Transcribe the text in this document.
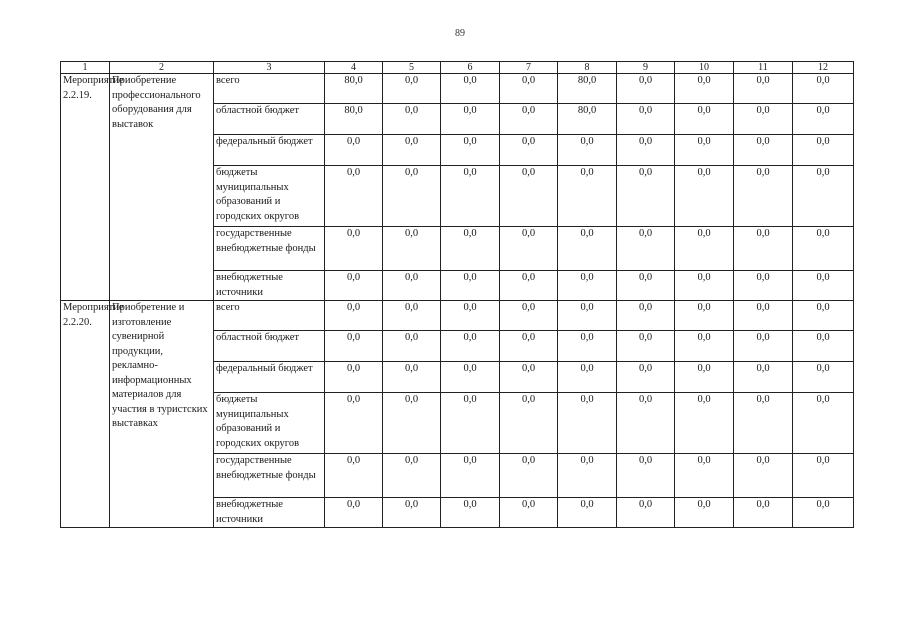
89
1	2	3	4	5	6	7	8	9	10	11	12
Мероприятие 2.2.19.	Приобретение профессионального оборудования для выставок	всего	80,0	0,0	0,0	0,0	80,0	0,0	0,0	0,0	0,0
		областной бюджет	80,0	0,0	0,0	0,0	80,0	0,0	0,0	0,0	0,0
		федеральный бюджет	0,0	0,0	0,0	0,0	0,0	0,0	0,0	0,0	0,0
		бюджеты муниципальных образований и городских округов	0,0	0,0	0,0	0,0	0,0	0,0	0,0	0,0	0,0
		государственные внебюджетные фонды	0,0	0,0	0,0	0,0	0,0	0,0	0,0	0,0	0,0
		внебюджетные источники	0,0	0,0	0,0	0,0	0,0	0,0	0,0	0,0	0,0
Мероприятие 2.2.20.	Приобретение и изготовление сувенирной продукции, рекламно-информационных материалов для участия в туристских выставках	всего	0,0	0,0	0,0	0,0	0,0	0,0	0,0	0,0	0,0
		областной бюджет	0,0	0,0	0,0	0,0	0,0	0,0	0,0	0,0	0,0
		федеральный бюджет	0,0	0,0	0,0	0,0	0,0	0,0	0,0	0,0	0,0
		бюджеты муниципальных образований и городских округов	0,0	0,0	0,0	0,0	0,0	0,0	0,0	0,0	0,0
		государственные внебюджетные фонды	0,0	0,0	0,0	0,0	0,0	0,0	0,0	0,0	0,0
		внебюджетные источники	0,0	0,0	0,0	0,0	0,0	0,0	0,0	0,0	0,0
